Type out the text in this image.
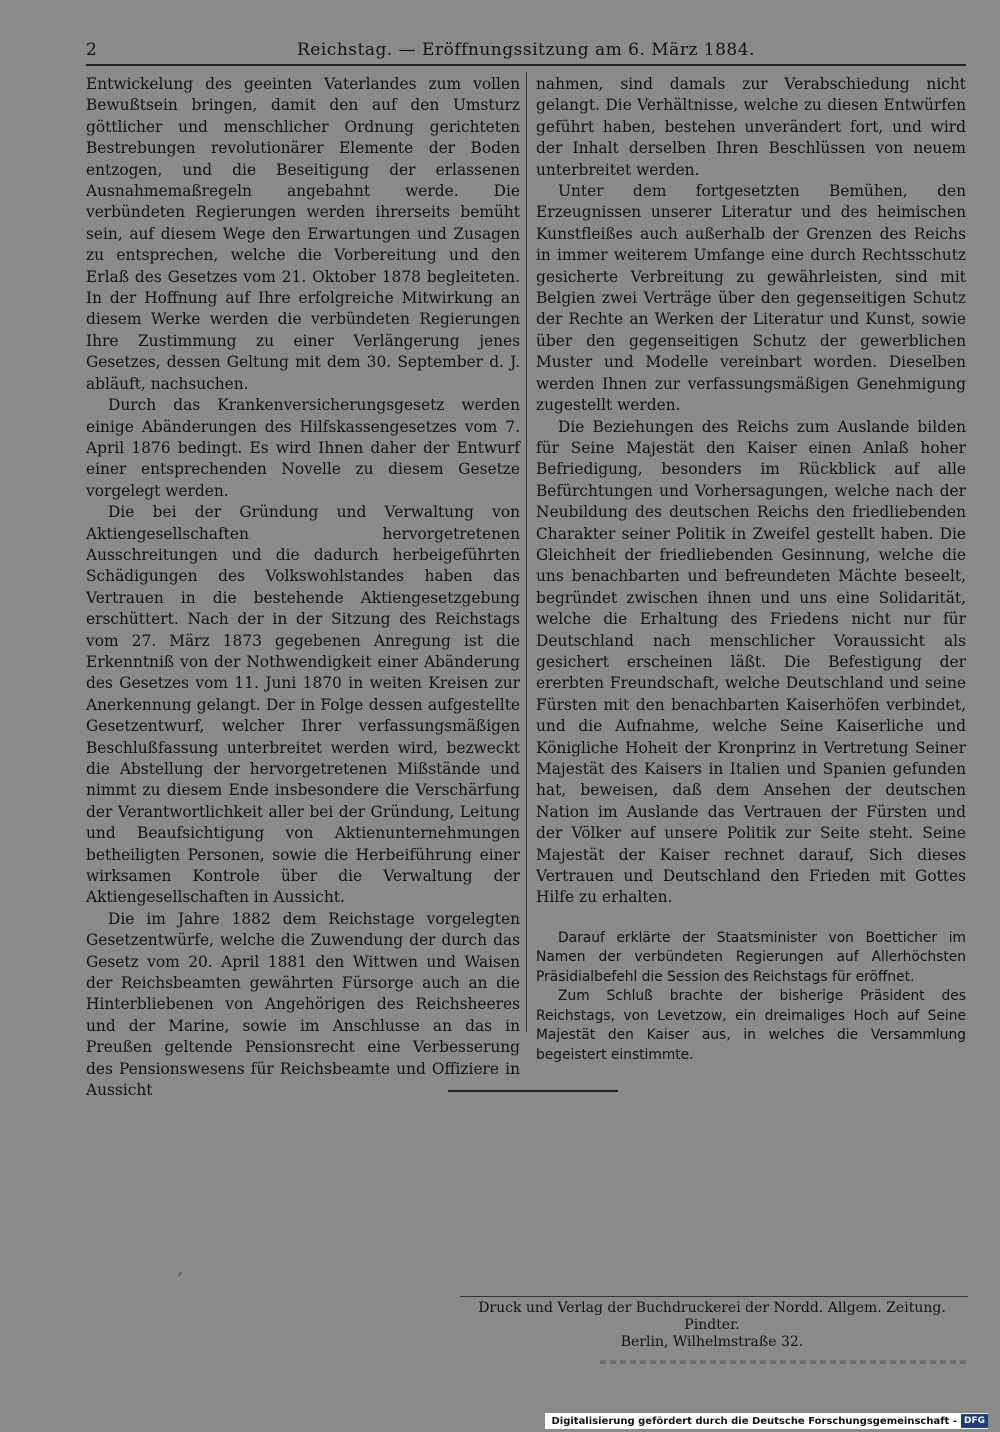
2	Reichstag. — Eröffnungssitzung am 6. März 1884.

Entwickelung des geeinten Vaterlandes zum vollen Bewußtsein bringen, damit den auf den Umsturz göttlicher und menschlicher Ordnung gerichteten Bestrebungen revolutionärer Elemente der Boden entzogen, und die Beseitigung der erlassenen Ausnahmemaßregeln angebahnt werde. Die verbündeten Regierungen werden ihrerseits bemüht sein, auf diesem Wege den Erwartungen und Zusagen zu entsprechen, welche die Vorbereitung und den Erlaß des Gesetzes vom 21. Oktober 1878 begleiteten. In der Hoffnung auf Ihre erfolgreiche Mitwirkung an diesem Werke werden die verbündeten Regierungen Ihre Zustimmung zu einer Verlängerung jenes Gesetzes, dessen Geltung mit dem 30. September d. J. abläuft, nachsuchen.

Durch das Krankenversicherungsgesetz werden einige Abänderungen des Hilfskassengesetzes vom 7. April 1876 bedingt. Es wird Ihnen daher der Entwurf einer entsprechenden Novelle zu diesem Gesetze vorgelegt werden.

Die bei der Gründung und Verwaltung von Aktiengesellschaften hervorgetretenen Ausschreitungen und die dadurch herbeigeführten Schädigungen des Volkswohlstandes haben das Vertrauen in die bestehende Aktiengesetzgebung erschüttert. Nach der in der Sitzung des Reichstags vom 27. März 1873 gegebenen Anregung ist die Erkenntniß von der Nothwendigkeit einer Abänderung des Gesetzes vom 11. Juni 1870 in weiten Kreisen zur Anerkennung gelangt. Der in Folge dessen aufgestellte Gesetzentwurf, welcher Ihrer verfassungsmäßigen Beschlußfassung unterbreitet werden wird, bezweckt die Abstellung der hervorgetretenen Mißstände und nimmt zu diesem Ende insbesondere die Verschärfung der Verantwortlichkeit aller bei der Gründung, Leitung und Beaufsichtigung von Aktienunternehmungen betheiligten Personen, sowie die Herbeiführung einer wirksamen Kontrole über die Verwaltung der Aktiengesellschaften in Aussicht.

Die im Jahre 1882 dem Reichstage vorgelegten Gesetzentwürfe, welche die Zuwendung der durch das Gesetz vom 20. April 1881 den Wittwen und Waisen der Reichsbeamten gewährten Fürsorge auch an die Hinterbliebenen von Angehörigen des Reichsheeres und der Marine, sowie im Anschlusse an das in Preußen geltende Pensionsrecht eine Verbesserung des Pensionswesens für Reichsbeamte und Offiziere in Aussicht

nahmen, sind damals zur Verabschiedung nicht gelangt. Die Verhältnisse, welche zu diesen Entwürfen geführt haben, bestehen unverändert fort, und wird der Inhalt derselben Ihren Beschlüssen von neuem unterbreitet werden.

Unter dem fortgesetzten Bemühen, den Erzeugnissen unserer Literatur und des heimischen Kunstfleißes auch außerhalb der Grenzen des Reichs in immer weiterem Umfange eine durch Rechtsschutz gesicherte Verbreitung zu gewährleisten, sind mit Belgien zwei Verträge über den gegenseitigen Schutz der Rechte an Werken der Literatur und Kunst, sowie über den gegenseitigen Schutz der gewerblichen Muster und Modelle vereinbart worden. Dieselben werden Ihnen zur verfassungsmäßigen Genehmigung zugestellt werden.

Die Beziehungen des Reichs zum Auslande bilden für Seine Majestät den Kaiser einen Anlaß hoher Befriedigung, besonders im Rückblick auf alle Befürchtungen und Vorhersagungen, welche nach der Neubildung des deutschen Reichs den friedliebenden Charakter seiner Politik in Zweifel gestellt haben. Die Gleichheit der friedliebenden Gesinnung, welche die uns benachbarten und befreundeten Mächte beseelt, begründet zwischen ihnen und uns eine Solidarität, welche die Erhaltung des Friedens nicht nur für Deutschland nach menschlicher Voraussicht als gesichert erscheinen läßt. Die Befestigung der ererbten Freundschaft, welche Deutschland und seine Fürsten mit den benachbarten Kaiserhöfen verbindet, und die Aufnahme, welche Seine Kaiserliche und Königliche Hoheit der Kronprinz in Vertretung Seiner Majestät des Kaisers in Italien und Spanien gefunden hat, beweisen, daß dem Ansehen der deutschen Nation im Auslande das Vertrauen der Fürsten und der Völker auf unsere Politik zur Seite steht. Seine Majestät der Kaiser rechnet darauf, Sich dieses Vertrauen und Deutschland den Frieden mit Gottes Hilfe zu erhalten.

Darauf erklärte der Staatsminister von Boetticher im Namen der verbündeten Regierungen auf Allerhöchsten Präsidialbefehl die Session des Reichstags für eröffnet.

Zum Schluß brachte der bisherige Präsident des Reichstags, von Levetzow, ein dreimaliges Hoch auf Seine Majestät den Kaiser aus, in welches die Versammlung begeistert einstimmte.

⸗
Druck und Verlag der Buchdruckerei der Nordd. Allgem. Zeitung. Pindter.
Berlin, Wilhelmstraße 32.
Digitalisierung gefördert durch die Deutsche Forschungsgemeinschaft - DFG
